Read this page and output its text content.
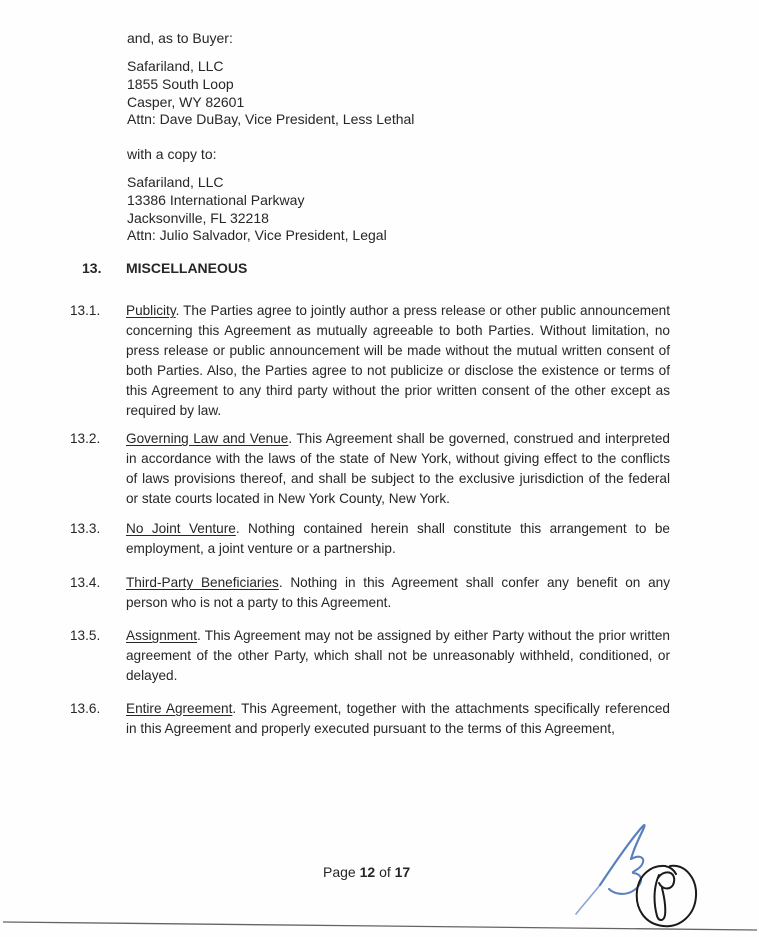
and, as to Buyer:
Safariland, LLC
1855 South Loop
Casper, WY 82601
Attn: Dave DuBay, Vice President, Less Lethal
with a copy to:
Safariland, LLC
13386 International Parkway
Jacksonville, FL 32218
Attn: Julio Salvador, Vice President, Legal
13.	MISCELLANEOUS
13.1.	Publicity. The Parties agree to jointly author a press release or other public announcement concerning this Agreement as mutually agreeable to both Parties. Without limitation, no press release or public announcement will be made without the mutual written consent of both Parties. Also, the Parties agree to not publicize or disclose the existence or terms of this Agreement to any third party without the prior written consent of the other except as required by law.

13.2.	Governing Law and Venue. This Agreement shall be governed, construed and interpreted in accordance with the laws of the state of New York, without giving effect to the conflicts of laws provisions thereof, and shall be subject to the exclusive jurisdiction of the federal or state courts located in New York County, New York.

13.3.	No Joint Venture. Nothing contained herein shall constitute this arrangement to be employment, a joint venture or a partnership.

13.4.	Third-Party Beneficiaries. Nothing in this Agreement shall confer any benefit on any person who is not a party to this Agreement.

13.5.	Assignment. This Agreement may not be assigned by either Party without the prior written agreement of the other Party, which shall not be unreasonably withheld, conditioned, or delayed.

13.6.	Entire Agreement. This Agreement, together with the attachments specifically referenced in this Agreement and properly executed pursuant to the terms of this Agreement,

Page 12 of 17
